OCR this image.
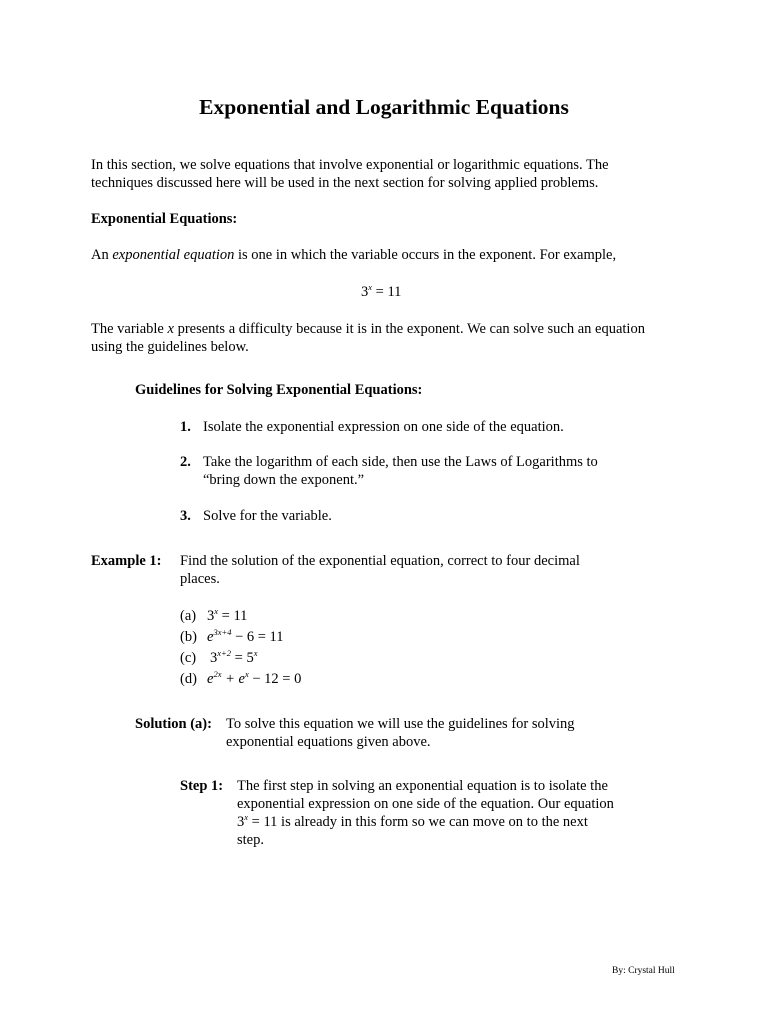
Exponential and Logarithmic Equations
In this section, we solve equations that involve exponential or logarithmic equations. The
techniques discussed here will be used in the next section for solving applied problems.
Exponential Equations:
An exponential equation is one in which the variable occurs in the exponent. For example,
$3^x = 11$
The variable x presents a difficulty because it is in the exponent. We can solve such an equation
using the guidelines below.
Guidelines for Solving Exponential Equations:
1. Isolate the exponential expression on one side of the equation.
2. Take the logarithm of each side, then use the Laws of Logarithms to
“bring down the exponent.”
3. Solve for the variable.
Example 1: Find the solution of the exponential equation, correct to four decimal
places.
(a) $3^x = 11$
(b) $e^{3x+4} - 6 = 11$
(c) $3^{x+2} = 5^x$
(d) $e^{2x} + e^x - 12 = 0$
Solution (a): To solve this equation we will use the guidelines for solving
exponential equations given above.
Step 1: The first step in solving an exponential equation is to isolate the
exponential expression on one side of the equation. Our equation
$3^x = 11$ is already in this form so we can move on to the next
step.
By: Crystal Hull
